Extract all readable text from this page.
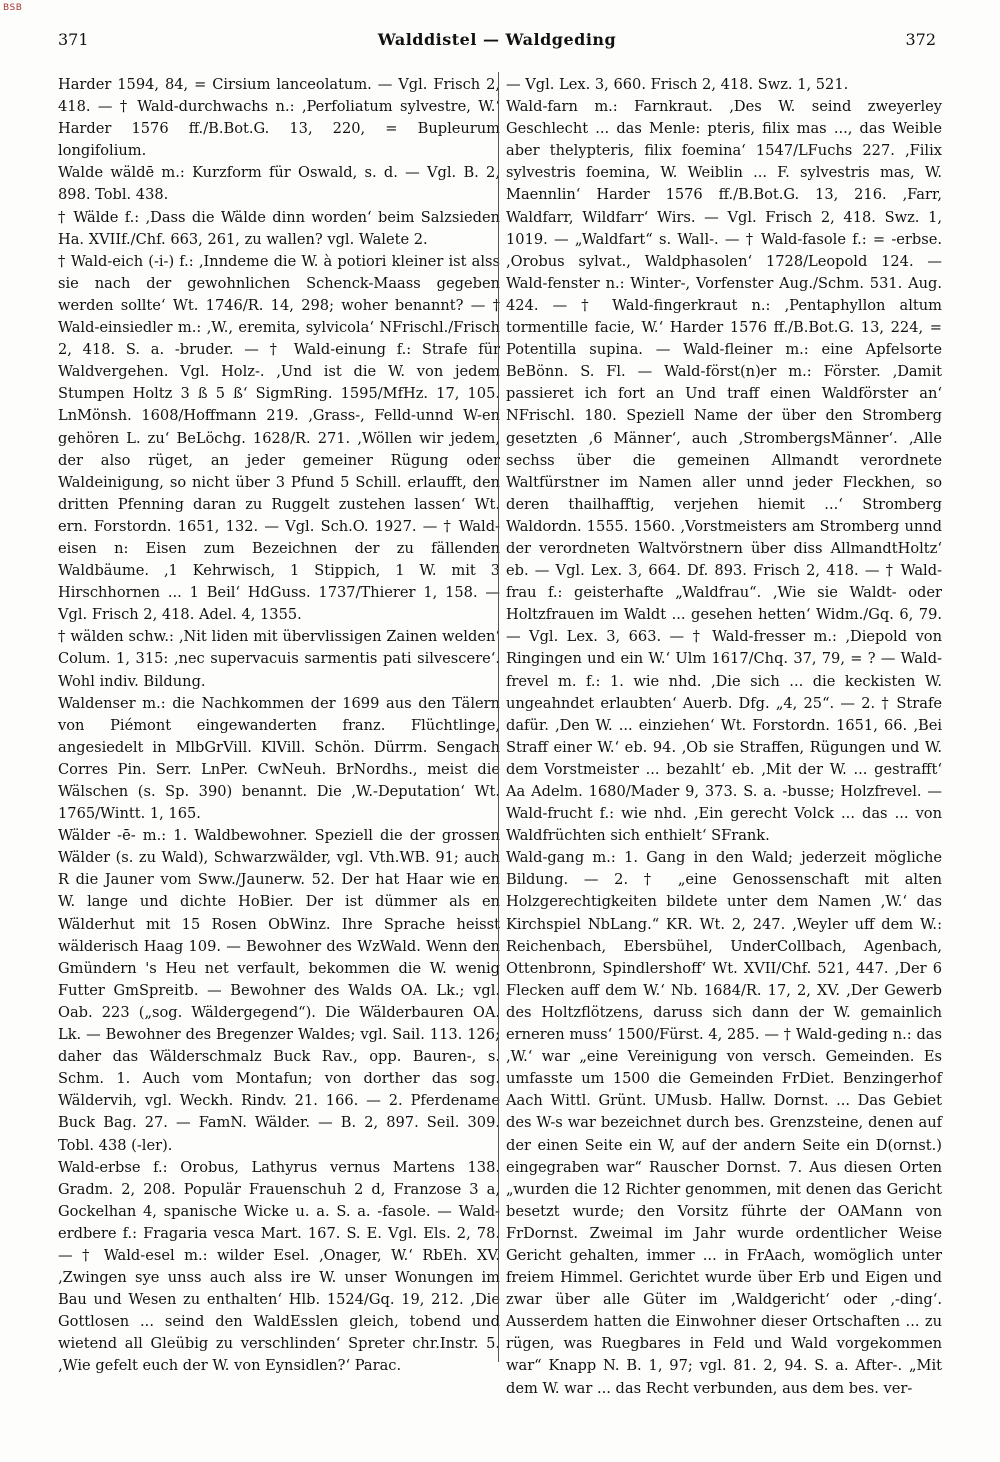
BSB
371	Walddistel — Waldgeding	372

Harder 1594, 84, = Cirsium lanceolatum. — Vgl. Frisch 2, 418. — † Wald-durchwachs n.: ‚Perfoliatum sylvestre, W.‘ Harder 1576 ff./B.Bot.G. 13, 220, = Bupleurum longifolium.

Walde wäldē m.: Kurzform für Oswald, s. d. — Vgl. B. 2, 898. Tobl. 438.

† Wälde f.: ‚Dass die Wälde dinn worden‘ beim Salzsieden Ha. XVIIf./Chf. 663, 261, zu wallen? vgl. Walete 2.

† Wald-eich (-i-) f.: ‚Inndeme die W. à potiori kleiner ist alss sie nach der gewohnlichen Schenck-Maass gegeben werden sollte‘ Wt. 1746/R. 14, 298; woher benannt? — † Wald-einsiedler m.: ‚W., eremita, sylvicola‘ NFrischl./Frisch 2, 418. S. a. -bruder. — † Wald-einung f.: Strafe für Waldvergehen. Vgl. Holz-. ‚Und ist die W. von jedem Stumpen Holtz 3 ß 5 ß‘ SigmRing. 1595/MfHz. 17, 105. LnMönsh. 1608/Hoffmann 219. ‚Grass-, Felld-unnd W-en gehören L. zu‘ BeLöchg. 1628/R. 271. ‚Wöllen wir jedem, der also rüget, an jeder gemeiner Rügung oder Waldeinigung, so nicht über 3 Pfund 5 Schill. erlaufft, den dritten Pfenning daran zu Ruggelt zustehen lassen‘ Wt. ern. Forstordn. 1651, 132. — Vgl. Sch.O. 1927. — † Wald-eisen n: Eisen zum Bezeichnen der zu fällenden Waldbäume. ‚1 Kehrwisch, 1 Stippich, 1 W. mit 3 Hirschhornen ... 1 Beil‘ HdGuss. 1737/Thierer 1, 158. — Vgl. Frisch 2, 418. Adel. 4, 1355.

† wälden schw.: ‚Nit liden mit übervlissigen Zainen welden‘ Colum. 1, 315: ‚nec supervacuis sarmentis pati silvescere‘. Wohl indiv. Bildung.

Waldenser m.: die Nachkommen der 1699 aus den Tälern von Piémont eingewanderten franz. Flüchtlinge, angesiedelt in MlbGrVill. KlVill. Schön. Dürrm. Sengach Corres Pin. Serr. LnPer. CwNeuh. BrNordhs., meist die Wälschen (s. Sp. 390) benannt. Die ‚W.-Deputation‘ Wt. 1765/Wintt. 1, 165.

Wälder -ē- m.: 1. Waldbewohner. Speziell die der grossen Wälder (s. zu Wald), Schwarzwälder, vgl. Vth.WB. 91; auch R die Jauner vom Sww./Jaunerw. 52. Der hat Haar wie en W. lange und dichte HoBier. Der ist dümmer als en Wälderhut mit 15 Rosen ObWinz. Ihre Sprache heisst wälderisch Haag 109. — Bewohner des WzWald. Wenn den Gmündern 's Heu net verfault, bekommen die W. wenig Futter GmSpreitb. — Bewohner des Walds OA. Lk.; vgl. Oab. 223 („sog. Wäldergegend“). Die Wälderbauren OA. Lk. — Bewohner des Bregenzer Waldes; vgl. Sail. 113. 126; daher das Wälderschmalz Buck Rav., opp. Bauren-, s. Schm. 1. Auch vom Montafun; von dorther das sog. Wäldervih, vgl. Weckh. Rindv. 21. 166. — 2. Pferdename Buck Bag. 27. — FamN. Wälder. — B. 2, 897. Seil. 309. Tobl. 438 (-ler).

Wald-erbse f.: Orobus, Lathyrus vernus Martens 138. Gradm. 2, 208. Populär Frauenschuh 2 d, Franzose 3 a, Gockelhan 4, spanische Wicke u. a. S. a. -fasole. — Wald-erdbere f.: Fragaria vesca Mart. 167. S. E. Vgl. Els. 2, 78. — † Wald-esel m.: wilder Esel. ‚Onager, W.‘ RbEh. XV. ‚Zwingen sye unss auch alss ire W. unser Wonungen im Bau und Wesen zu enthalten‘ Hlb. 1524/Gq. 19, 212. ‚Die Gottlosen ... seind den WaldEsslen gleich, tobend und wietend all Gleübig zu verschlinden‘ Spreter chr.Instr. 5. ‚Wie gefelt euch der W. von Eynsidlen?‘ Parac.

— Vgl. Lex. 3, 660. Frisch 2, 418. Swz. 1, 521.

Wald-farn m.: Farnkraut. ‚Des W. seind zweyerley Geschlecht ... das Menle: pteris, filix mas ..., das Weible aber thelypteris, filix foemina‘ 1547/LFuchs 227. ‚Filix sylvestris foemina, W. Weiblin ... F. sylvestris mas, W. Maennlin‘ Harder 1576 ff./B.Bot.G. 13, 216. ‚Farr, Waldfarr, Wildfarr‘ Wirs. — Vgl. Frisch 2, 418. Swz. 1, 1019. — „Waldfart“ s. Wall-. — † Wald-fasole f.: = -erbse. ‚Orobus sylvat., Waldphasolen‘ 1728/Leopold 124. — Wald-fenster n.: Winter-, Vorfenster Aug./Schm. 531. Aug. 424. — † Wald-fingerkraut n.: ‚Pentaphyllon altum tormentille facie, W.‘ Harder 1576 ff./B.Bot.G. 13, 224, = Potentilla supina. — Wald-fleiner m.: eine Apfelsorte BeBönn. S. Fl. — Wald-först(n)er m.: Förster. ‚Damit passieret ich fort an Und traff einen Waldförster an‘ NFrischl. 180. Speziell Name der über den Stromberg gesetzten ‚6 Männer‘, auch ‚StrombergsMänner‘. ‚Alle sechss über die gemeinen Allmandt verordnete Waltfürstner im Namen aller unnd jeder Fleckhen, so deren thailhafftig, verjehen hiemit ...‘ Stromberg Waldordn. 1555. 1560. ‚Vorstmeisters am Stromberg unnd der verordneten Waltvörstnern über diss AllmandtHoltz‘ eb. — Vgl. Lex. 3, 664. Df. 893. Frisch 2, 418. — † Wald-frau f.: geisterhafte „Waldfrau“. ‚Wie sie Waldt- oder Holtzfrauen im Waldt ... gesehen hetten‘ Widm./Gq. 6, 79. — Vgl. Lex. 3, 663. — † Wald-fresser m.: ‚Diepold von Ringingen und ein W.‘ Ulm 1617/Chq. 37, 79, = ? — Wald-frevel m. f.: 1. wie nhd. ‚Die sich ... die keckisten W. ungeahndet erlaubten‘ Auerb. Dfg. „4, 25“. — 2. † Strafe dafür. ‚Den W. ... einziehen‘ Wt. Forstordn. 1651, 66. ‚Bei Straff einer W.‘ eb. 94. ‚Ob sie Straffen, Rügungen und W. dem Vorstmeister ... bezahlt‘ eb. ‚Mit der W. ... gestrafft‘ Aa Adelm. 1680/Mader 9, 373. S. a. -busse; Holzfrevel. — Wald-frucht f.: wie nhd. ‚Ein gerecht Volck ... das ... von Waldfrüchten sich enthielt‘ SFrank.

Wald-gang m.: 1. Gang in den Wald; jederzeit mögliche Bildung. — 2. † „eine Genossenschaft mit alten Holzgerechtigkeiten bildete unter dem Namen ‚W.‘ das Kirchspiel NbLang.“ KR. Wt. 2, 247. ‚Weyler uff dem W.: Reichenbach, Ebersbühel, UnderCollbach, Agenbach, Ottenbronn, Spindlershoff‘ Wt. XVII/Chf. 521, 447. ‚Der 6 Flecken auff dem W.‘ Nb. 1684/R. 17, 2, XV. ‚Der Gewerb des Holtzflötzens, daruss sich dann der W. gemainlich erneren muss‘ 1500/Fürst. 4, 285. — † Wald-geding n.: das ‚W.‘ war „eine Vereinigung von versch. Gemeinden. Es umfasste um 1500 die Gemeinden FrDiet. Benzingerhof Aach Wittl. Grünt. UMusb. Hallw. Dornst. ... Das Gebiet des W-s war bezeichnet durch bes. Grenzsteine, denen auf der einen Seite ein W, auf der andern Seite ein D(ornst.) eingegraben war“ Rauscher Dornst. 7. Aus diesen Orten „wurden die 12 Richter genommen, mit denen das Gericht besetzt wurde; den Vorsitz führte der OAMann von FrDornst. Zweimal im Jahr wurde ordentlicher Weise Gericht gehalten, immer ... in FrAach, womöglich unter freiem Himmel. Gerichtet wurde über Erb und Eigen und zwar über alle Güter im ‚Waldgericht‘ oder ‚-ding‘. Ausserdem hatten die Einwohner dieser Ortschaften ... zu rügen, was Ruegbares in Feld und Wald vorgekommen war“ Knapp N. B. 1, 97; vgl. 81. 2, 94. S. a. After-. „Mit dem W. war ... das Recht verbunden, aus dem bes. ver-
